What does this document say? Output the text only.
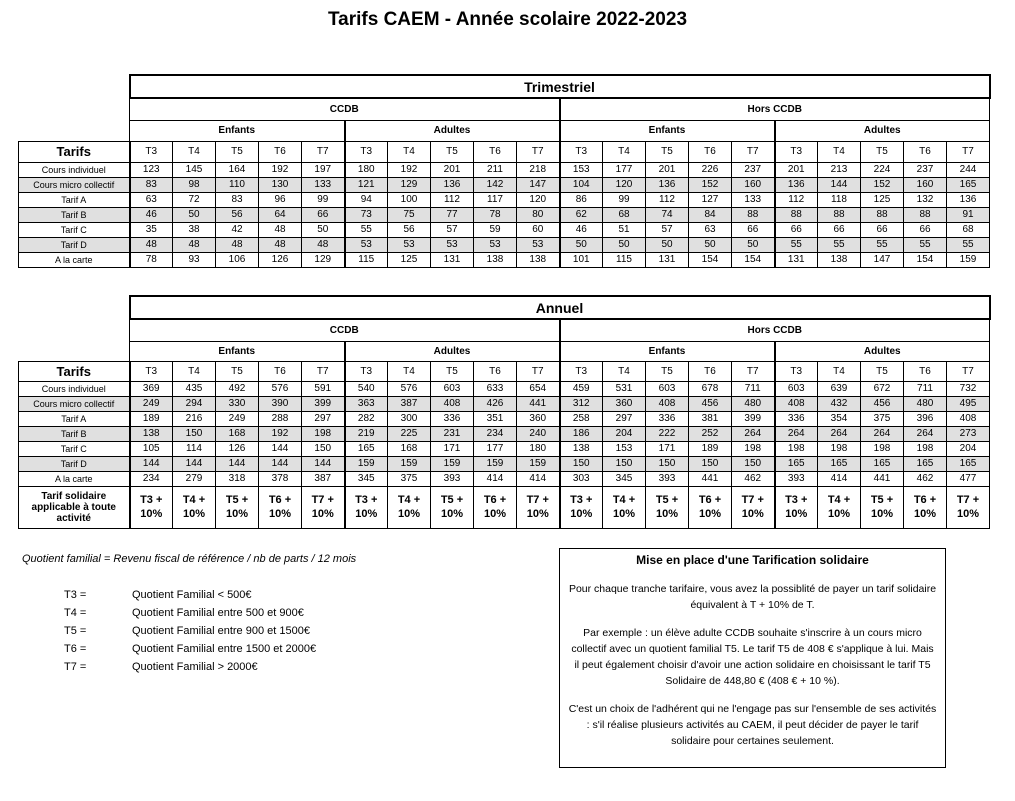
Tarifs CAEM - Année scolaire 2022-2023
	Trimestriel																			
	CCDB										Hors CCDB									
	Enfants					Adultes					Enfants					Adultes				
Tarifs	T3	T4	T5	T6	T7	T3	T4	T5	T6	T7	T3	T4	T5	T6	T7	T3	T4	T5	T6	T7
Cours individuel	123	145	164	192	197	180	192	201	211	218	153	177	201	226	237	201	213	224	237	244
Cours micro collectif	83	98	110	130	133	121	129	136	142	147	104	120	136	152	160	136	144	152	160	165
Tarif A	63	72	83	96	99	94	100	112	117	120	86	99	112	127	133	112	118	125	132	136
Tarif B	46	50	56	64	66	73	75	77	78	80	62	68	74	84	88	88	88	88	88	91
Tarif C	35	38	42	48	50	55	56	57	59	60	46	51	57	63	66	66	66	66	66	68
Tarif D	48	48	48	48	48	53	53	53	53	53	50	50	50	50	50	55	55	55	55	55
A la carte	78	93	106	126	129	115	125	131	138	138	101	115	131	154	154	131	138	147	154	159
	Annuel																			
	CCDB										Hors CCDB									
	Enfants					Adultes					Enfants					Adultes				
Tarifs	T3	T4	T5	T6	T7	T3	T4	T5	T6	T7	T3	T4	T5	T6	T7	T3	T4	T5	T6	T7
Cours individuel	369	435	492	576	591	540	576	603	633	654	459	531	603	678	711	603	639	672	711	732
Cours micro collectif	249	294	330	390	399	363	387	408	426	441	312	360	408	456	480	408	432	456	480	495
Tarif A	189	216	249	288	297	282	300	336	351	360	258	297	336	381	399	336	354	375	396	408
Tarif B	138	150	168	192	198	219	225	231	234	240	186	204	222	252	264	264	264	264	264	273
Tarif C	105	114	126	144	150	165	168	171	177	180	138	153	171	189	198	198	198	198	198	204
Tarif D	144	144	144	144	144	159	159	159	159	159	150	150	150	150	150	165	165	165	165	165
A la carte	234	279	318	378	387	345	375	393	414	414	303	345	393	441	462	393	414	441	462	477
Tarif solidaire applicable à toute activité	T3 + 10%	T4 + 10%	T5 + 10%	T6 + 10%	T7 + 10%	T3 + 10%	T4 + 10%	T5 + 10%	T6 + 10%	T7 + 10%	T3 + 10%	T4 + 10%	T5 + 10%	T6 + 10%	T7 + 10%	T3 + 10%	T4 + 10%	T5 + 10%	T6 + 10%	T7 + 10%
Quotient familial = Revenu fiscal de référence / nb de parts / 12 mois
T3 =	Quotient Familial < 500€
T4 =	Quotient Familial entre 500 et 900€
T5 =	Quotient Familial entre 900 et 1500€
T6 =	Quotient Familial entre 1500 et 2000€
T7 =	Quotient Familial > 2000€
Mise en place d'une Tarification solidaire

Pour chaque tranche tarifaire, vous avez la possiblité de payer un tarif solidaire équivalent à T + 10% de T.

Par exemple : un élève adulte CCDB souhaite s'inscrire à un cours micro collectif avec un quotient familial T5. Le tarif T5 de 408 € s'applique à lui. Mais il peut également choisir d'avoir une action solidaire en choisissant le tarif T5 Solidaire de 448,80 € (408 € + 10 %).

C'est un choix de l'adhérent qui ne l'engage pas sur l'ensemble de ses activités : s'il réalise plusieurs activités au CAEM, il peut décider de payer le tarif solidaire pour certaines seulement.
